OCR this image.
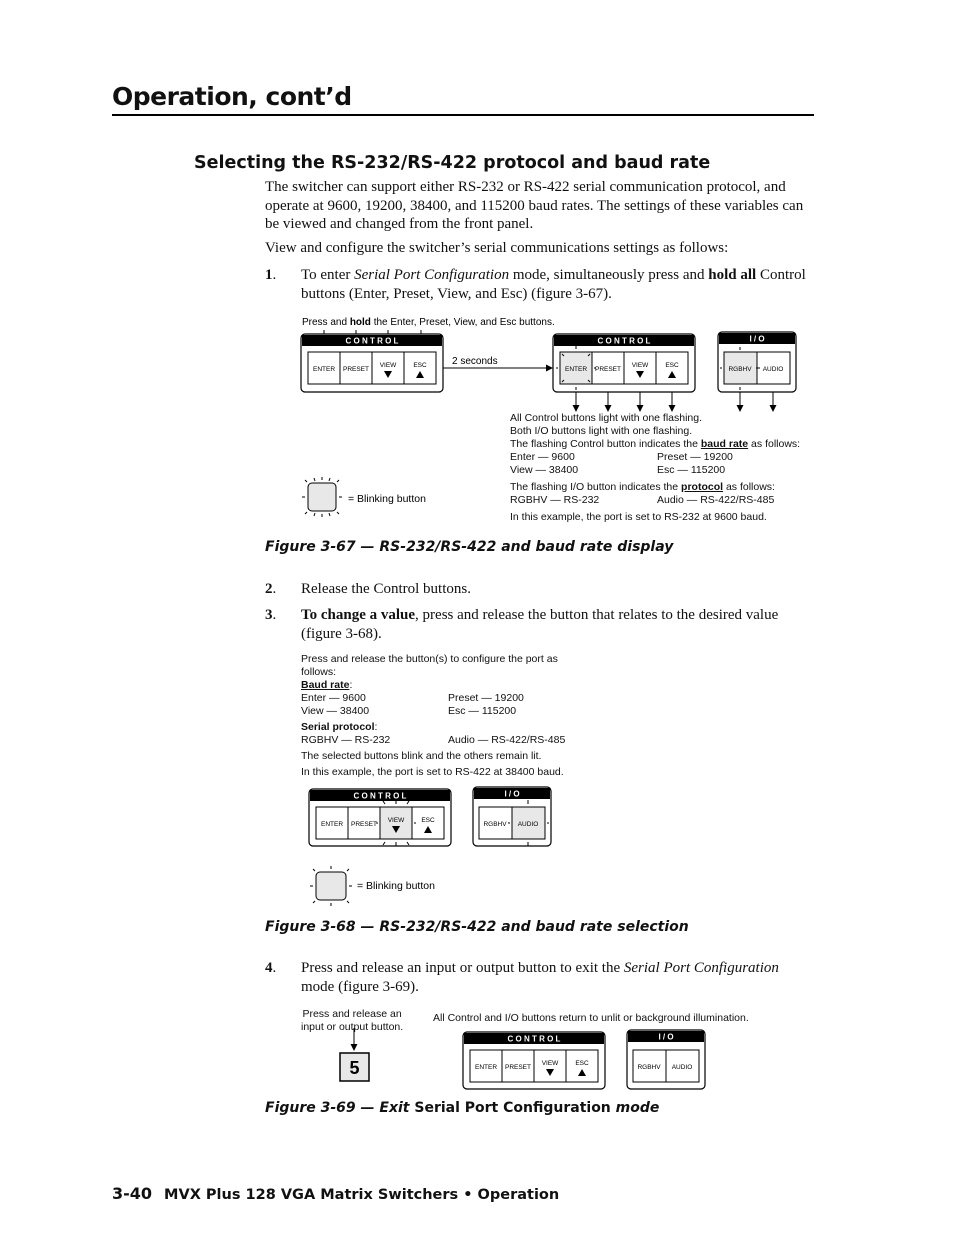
Operation, cont’d
Selecting the RS-232/RS-422 protocol and baud rate
The switcher can support either RS-232 or RS-422 serial communication protocol, and operate at 9600, 19200, 38400, and 115200 baud rates. The settings of these variables can be viewed and changed from the front panel.
View and configure the switcher’s serial communications settings as follows:
1. To enter Serial Port Configuration mode, simultaneously press and hold all Control buttons (Enter, Preset, View, and Esc) (figure 3-67).
Press and hold the Enter, Preset, View, and Esc buttons.
C O N T R O L
ENTER PRESET
VIEW	ESC	2 seconds
C O N T R O L
ENTER PRESET
VIEW	ESC
I / O
RGBHV AUDIO
= Blinking button
All Control buttons light with one flashing.
Both I/O buttons light with one flashing.
The flashing Control button indicates the baud rate as follows:
Enter — 9600	Preset — 19200
View — 38400	Esc — 115200
The flashing I/O button indicates the protocol as follows:
RGBHV — RS-232	Audio — RS-422/RS-485
In this example, the port is set to RS-232 at 9600 baud.
Figure 3-67 — RS-232/RS-422 and baud rate display
2. Release the Control buttons.
3. To change a value, press and release the button that relates to the desired value (figure 3-68).
Press and release the button(s) to configure the port as
follows:
Baud rate:
Enter — 9600	Preset — 19200
View — 38400	Esc — 115200
Serial protocol:
RGBHV — RS-232	Audio — RS-422/RS-485
The selected buttons blink and the others remain lit.
In this example, the port is set to RS-422 at 38400 baud.
C O N T R O L
ENTER PRESET
VIEW	ESC
I / O
RGBHV AUDIO
= Blinking button
Figure 3-68 — RS-232/RS-422 and baud rate selection
4. Press and release an input or output button to exit the Serial Port Configuration mode (figure 3-69).
Press and release an
input or output button.
All Control and I/O buttons return to unlit or background illumination.
5
C O N T R O L
ENTER PRESET
VIEW	ESC
I / O
RGBHV AUDIO
Figure 3-69 — Exit Serial Port Configuration mode
3-40 MVX Plus 128 VGA Matrix Switchers • Operation
